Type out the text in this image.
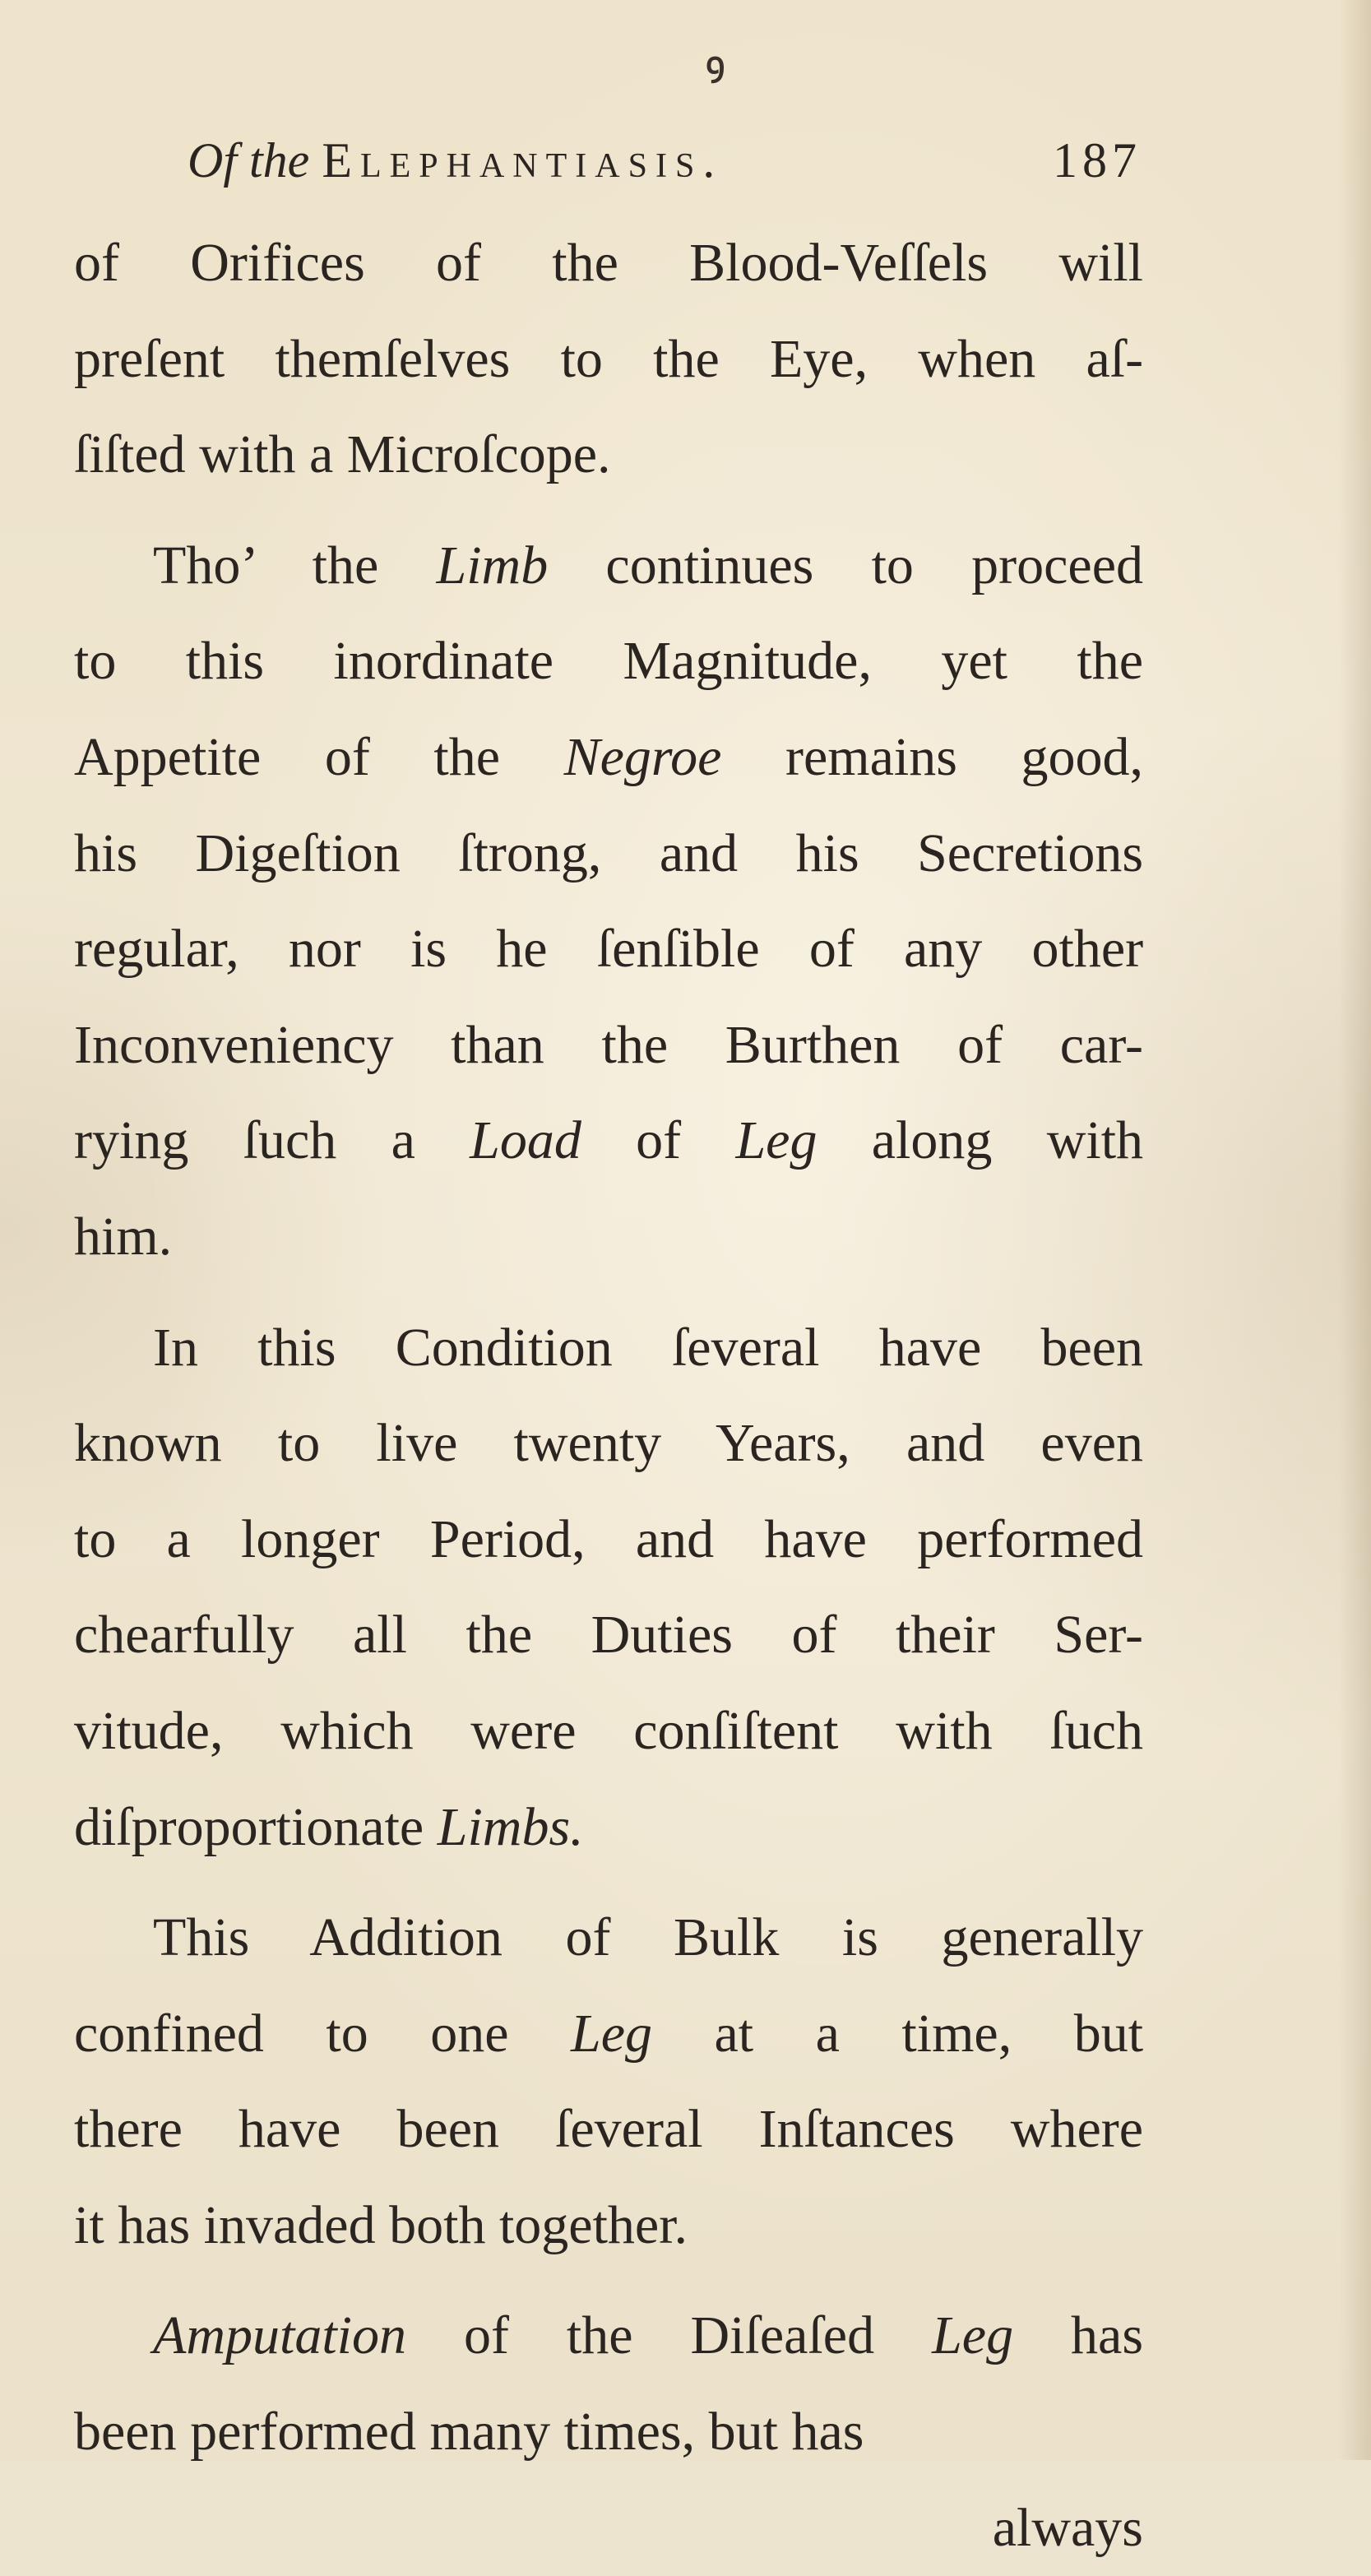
ꝯ
Of the Elephantiasis.	187
of Orifices of the Blood-Veſſels will
preſent themſelves to the Eye, when aſ-
ſiſted with a Microſcope.
Tho’ the Limb continues to proceed
to this inordinate Magnitude, yet the
Appetite of the Negroe remains good,
his Digeſtion ſtrong, and his Secretions
regular, nor is he ſenſible of any other
Inconveniency than the Burthen of car-
rying ſuch a Load of Leg along with
him.
In this Condition ſeveral have been
known to live twenty Years, and even
to a longer Period, and have performed
chearfully all the Duties of their Ser-
vitude, which were conſiſtent with ſuch
diſproportionate Limbs.
This Addition of Bulk is generally
confined to one Leg at a time, but
there have been ſeveral Inſtances where
it has invaded both together.
Amputation of the Diſeaſed Leg has
been performed many times, but has
always
